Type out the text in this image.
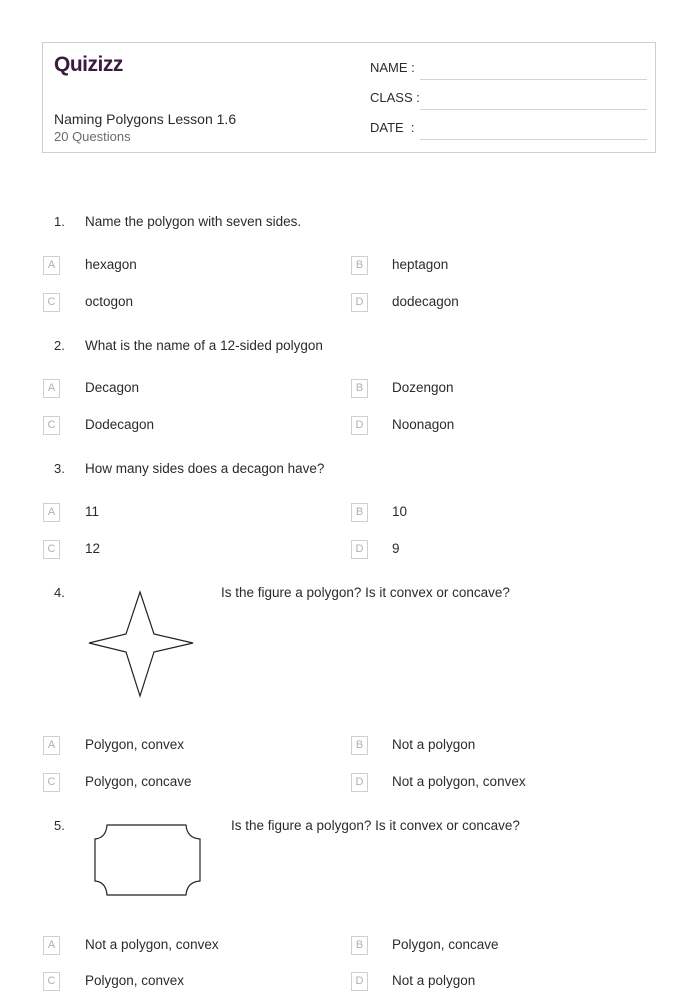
Quizizz
Naming Polygons Lesson 1.6
20 Questions
NAME :
CLASS :
DATE  :
1. Name the polygon with seven sides.
A	hexagon	B	heptagon
C	octogon	D	dodecagon
2. What is the name of a 12-sided polygon
A	Decagon	B	Dozengon
C	Dodecagon	D	Noonagon
3. How many sides does a decagon have?
A	11	B	10
C	12	D	9
4.	Is the figure a polygon? Is it convex or concave?
A	Polygon, convex	B	Not a polygon
C	Polygon, concave	D	Not a polygon, convex
5.	Is the figure a polygon? Is it convex or concave?
A	Not a polygon, convex	B	Polygon, concave
C	Polygon, convex	D	Not a polygon
